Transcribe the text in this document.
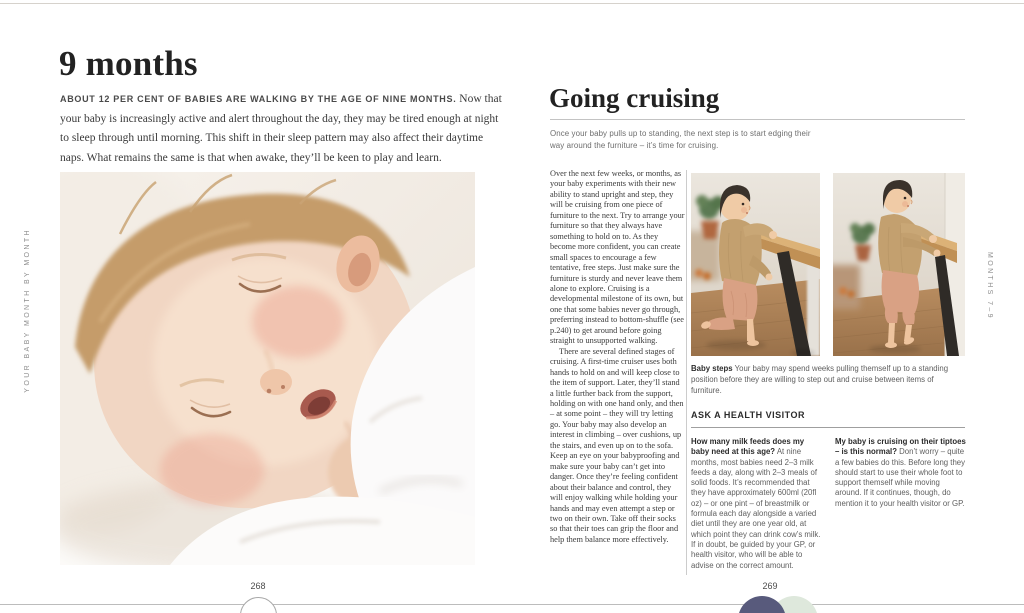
YOUR BABY MONTH BY MONTH
9 months

ABOUT 12 PER CENT OF BABIES ARE WALKING BY THE AGE OF NINE MONTHS. Now that your baby is increasingly active and alert throughout the day, they may be tired enough at night to sleep through until morning. This shift in their sleep pattern may also affect their daytime naps. What remains the same is that when awake, they’ll be keen to play and learn.

268
Going cruising

Once your baby pulls up to standing, the next step is to start edging their way around the furniture – it’s time for cruising.

Over the next few weeks, or months, as your baby experiments with their new ability to stand upright and step, they will be cruising from one piece of furniture to the next. Try to arrange your furniture so that they always have something to hold on to. As they become more confident, you can create small spaces to encourage a few tentative, free steps. Just make sure the furniture is sturdy and never leave them alone to explore. Cruising is a developmental milestone of its own, but one that some babies never go through, preferring instead to bottom-shuffle (see p.240) to get around before going straight to unsupported walking.

There are several defined stages of cruising. A first-time cruiser uses both hands to hold on and will keep close to the item of support. Later, they’ll stand a little further back from the support, holding on with one hand only, and then – at some point – they will try letting go. Your baby may also develop an interest in climbing – over cushions, up the stairs, and even up on to the sofa. Keep an eye on your babyproofing and make sure your baby can’t get into danger. Once they’re feeling confident about their balance and control, they will enjoy walking while holding your hands and may even attempt a step or two on their own. Take off their socks so that their toes can grip the floor and help them balance more effectively.

Baby steps Your baby may spend weeks pulling themself up to a standing position before they are willing to step out and cruise between items of furniture.

ASK A HEALTH VISITOR

How many milk feeds does my baby need at this age? At nine months, most babies need 2–3 milk feeds a day, along with 2–3 meals of solid foods. It’s recommended that they have approximately 600ml (20fl oz) – or one pint – of breastmilk or formula each day alongside a varied diet until they are one year old, at which point they can drink cow’s milk. If in doubt, be guided by your GP, or health visitor, who will be able to advise on the correct amount.

My baby is cruising on their tiptoes – is this normal? Don’t worry – quite a few babies do this. Before long they should start to use their whole foot to support themself while moving around. If it continues, though, do mention it to your health visitor or GP.

MONTHS 7–9
269
